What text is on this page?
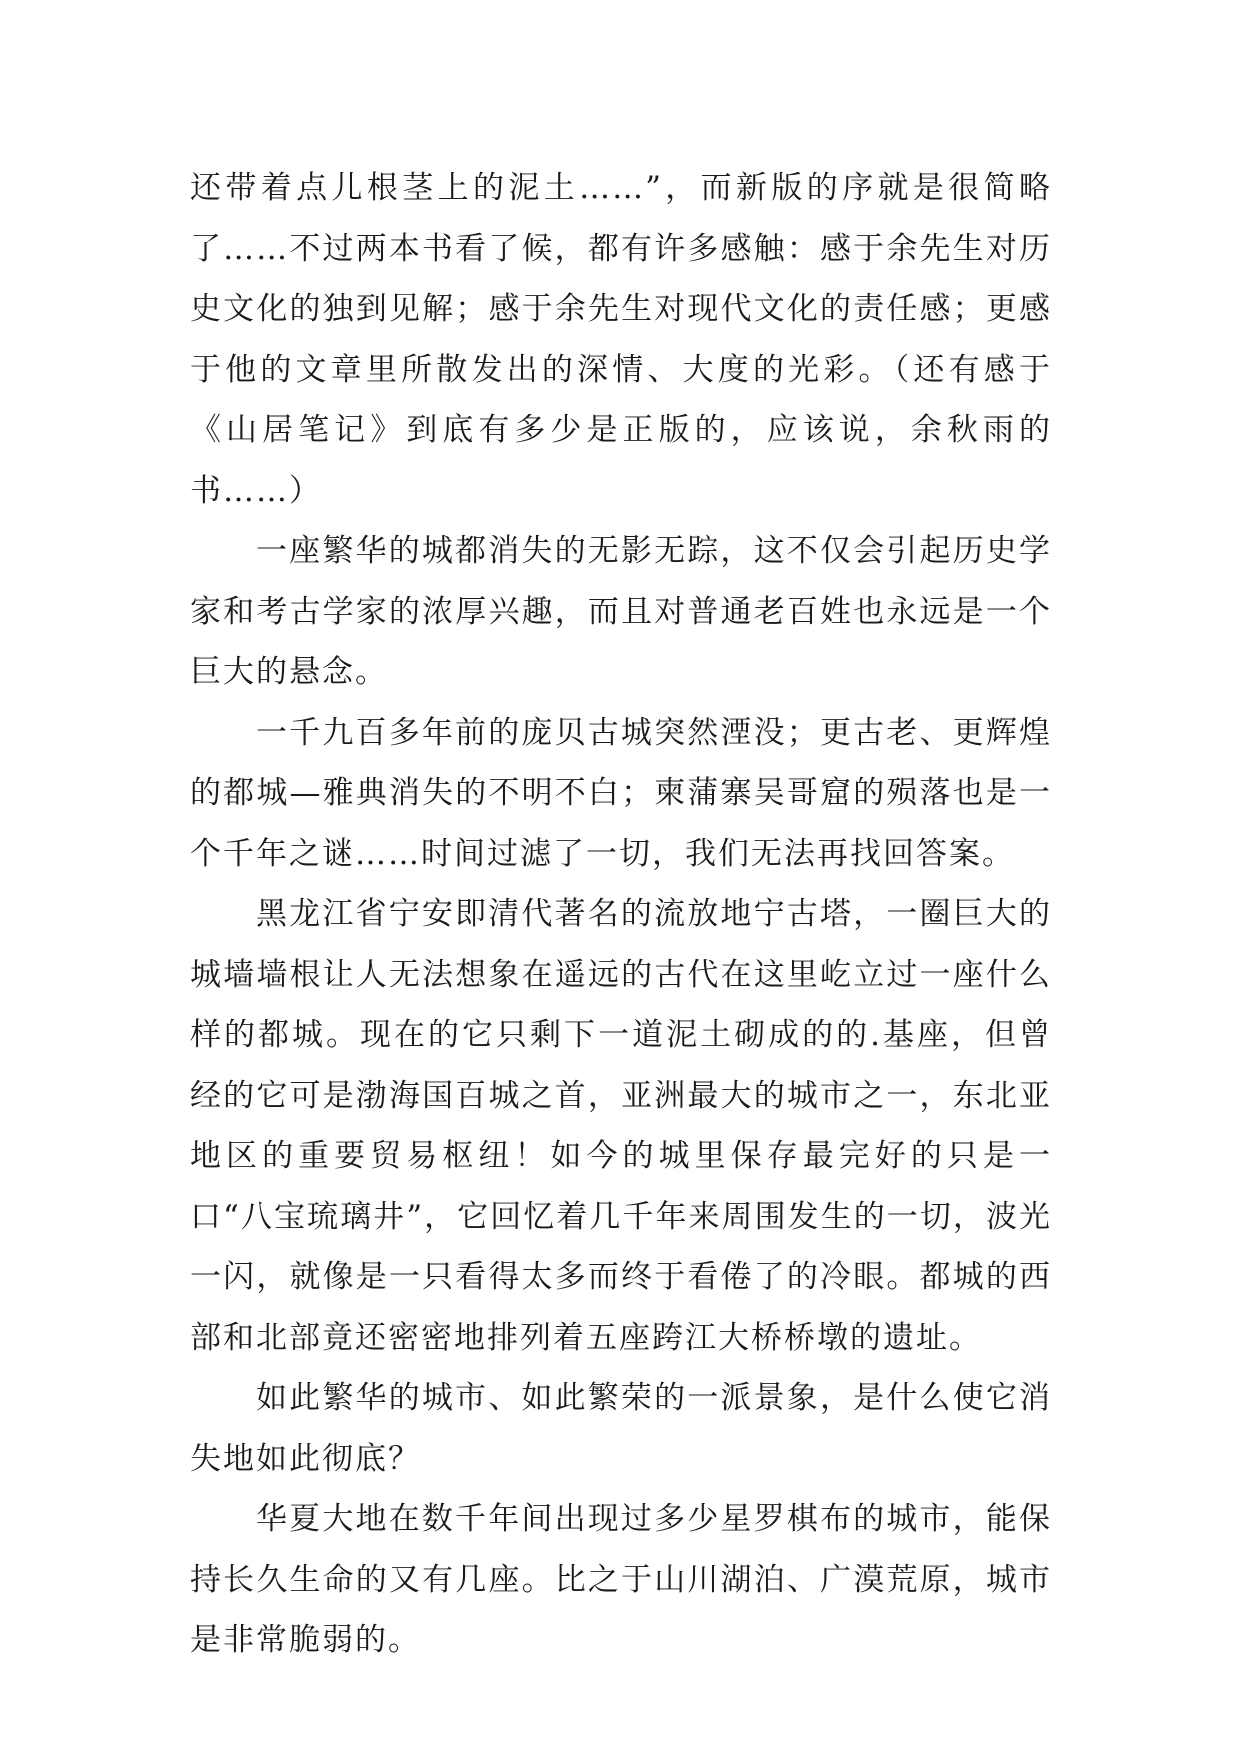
还带着点儿根茎上的泥土……”，而新版的序就是很简略了……不过两本书看了候，都有许多感触：感于余先生对历史文化的独到见解；感于余先生对现代文化的责任感；更感于他的文章里所散发出的深情、大度的光彩。（还有感于《山居笔记》到底有多少是正版的，应该说，余秋雨的书……）

一座繁华的城都消失的无影无踪，这不仅会引起历史学家和考古学家的浓厚兴趣，而且对普通老百姓也永远是一个巨大的悬念。

一千九百多年前的庞贝古城突然湮没；更古老、更辉煌的都城—雅典消失的不明不白；柬蒲寨吴哥窟的殒落也是一个千年之谜……时间过滤了一切，我们无法再找回答案。

黑龙江省宁安即清代著名的流放地宁古塔，一圈巨大的城墙墙根让人无法想象在遥远的古代在这里屹立过一座什么样的都城。现在的它只剩下一道泥土砌成的的.基座，但曾经的它可是渤海国百城之首，亚洲最大的城市之一，东北亚地区的重要贸易枢纽！如今的城里保存最完好的只是一口“八宝琉璃井”，它回忆着几千年来周围发生的一切，波光一闪，就像是一只看得太多而终于看倦了的冷眼。都城的西部和北部竟还密密地排列着五座跨江大桥桥墩的遗址。

如此繁华的城市、如此繁荣的一派景象，是什么使它消失地如此彻底？

华夏大地在数千年间出现过多少星罗棋布的城市，能保持长久生命的又有几座。比之于山川湖泊、广漠荒原，城市是非常脆弱的。
